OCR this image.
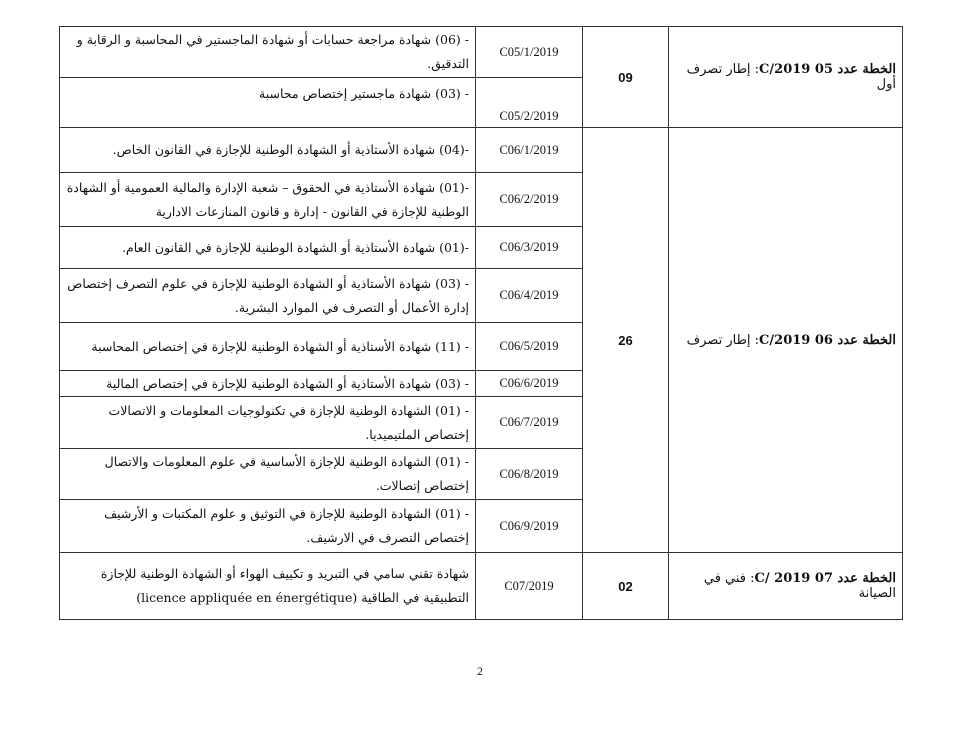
- (06) شهادة مراجعة حسابات أو شهادة الماجستير في المحاسبة و الرقابة و التدقيق.	C05/1/2019	09	الخطة عدد 05 2019/C: إطار تصرف أول
- (03) شهادة ماجستير إختصاص محاسبة	C05/2/2019		
-(04) شهادة الأستاذية أو الشهادة الوطنية للإجازة في القانون الخاص.	C06/1/2019	26	الخطة عدد 06 2019/C: إطار تصرف
-(01) شهادة الأستاذية في الحقوق – شعبة الإدارة والمالية العمومية أو الشهادة الوطنية للإجازة في القانون - إدارة و قانون المنازعات الادارية	C06/2/2019		
-(01) شهادة الأستاذية أو الشهادة الوطنية للإجازة في القانون العام.	C06/3/2019		
- (03) شهادة الأستاذية أو الشهادة الوطنية للإجازة في علوم التصرف إختصاص إدارة الأعمال أو التصرف في الموارد البشرية.	C06/4/2019		
- (11) شهادة الأستاذية أو الشهادة الوطنية للإجازة في إختصاص المحاسبة	C06/5/2019		
- (03) شهادة الأستاذية أو الشهادة الوطنية للإجازة في إختصاص المالية	C06/6/2019		
- (01) الشهادة الوطنية للإجازة في تكنولوجيات المعلومات و الاتصالات إختصاص الملتيميديا.	C06/7/2019		
- (01) الشهادة الوطنية للإجازة الأساسية في علوم المعلومات والاتصال إختصاص إتصالات.	C06/8/2019		
- (01) الشهادة الوطنية للإجازة في التوثيق و علوم المكتبات و الأرشيف إختصاص التصرف في الارشيف.	C06/9/2019		
شهادة تقني سامي في التبريد و تكييف الهواء أو الشهادة الوطنية للإجازة التطبيقية في الطاقية (licence appliquée en énergétique)	C07/2019	02	الخطة عدد 07 C/ 2019: فني في الصيانة
2
